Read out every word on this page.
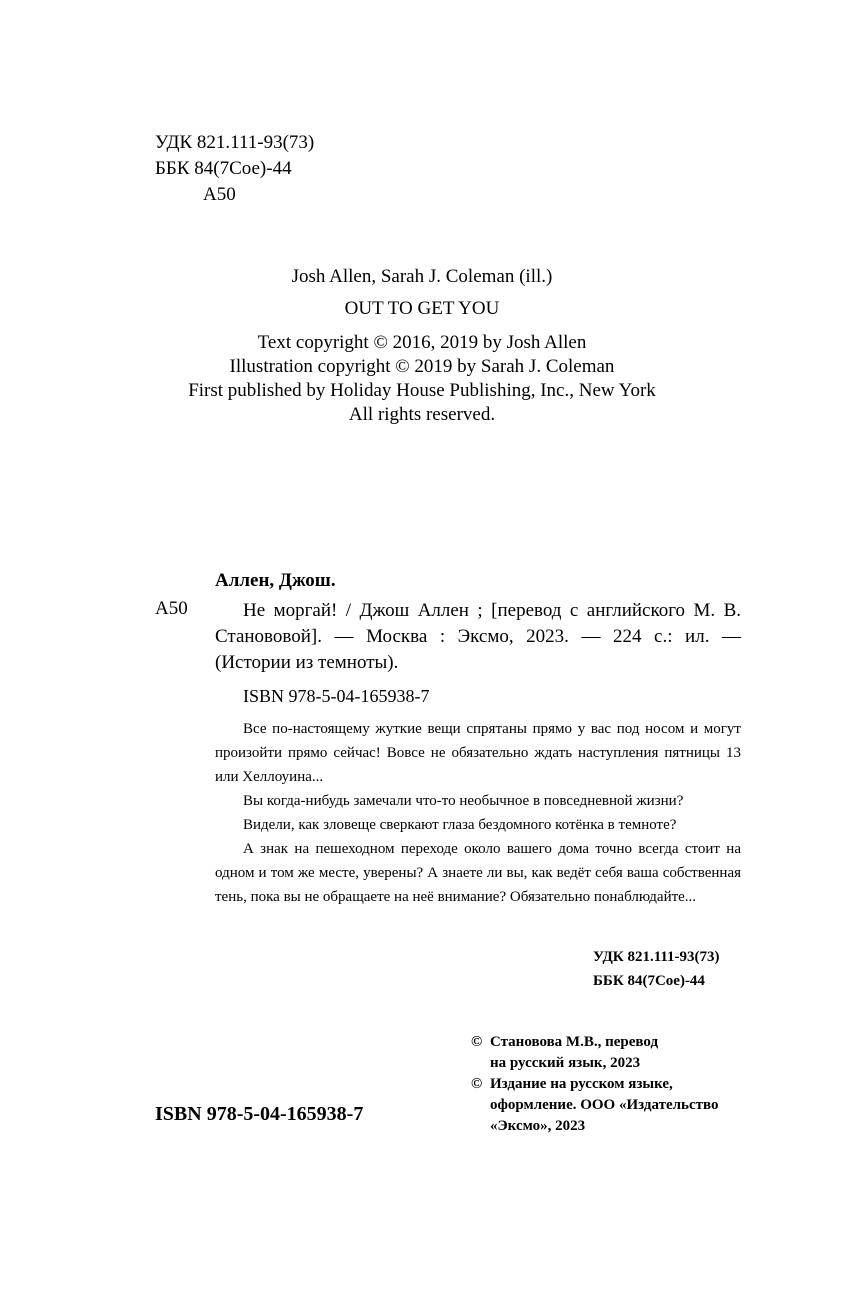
УДК 821.111-93(73)
ББК 84(7Сое)-44
А50
Josh Allen, Sarah J. Coleman (ill.)
OUT TO GET YOU
Text copyright © 2016, 2019 by Josh Allen
Illustration copyright © 2019 by Sarah J. Coleman
First published by Holiday House Publishing, Inc., New York
All rights reserved.
Аллен, Джош.
А50	Не моргай! / Джош Аллен ; [перевод с английского М. В. Станововой]. — Москва : Эксмо, 2023. — 224 с.: ил. — (Истории из темноты).
ISBN 978-5-04-165938-7

Все по-настоящему жуткие вещи спрятаны прямо у вас под носом и могут произойти прямо сейчас! Вовсе не обязательно ждать наступления пятницы 13 или Хеллоуина...

Вы когда-нибудь замечали что-то необычное в повседневной жизни?

Видели, как зловеще сверкают глаза бездомного котёнка в темноте?

А знак на пешеходном переходе около вашего дома точно всегда стоит на одном и том же месте, уверены? А знаете ли вы, как ведёт себя ваша собственная тень, пока вы не обращаете на неё внимание? Обязательно понаблюдайте...

УДК 821.111-93(73)
ББК 84(7Сое)-44
© Становова М.В., перевод
на русский язык, 2023
© Издание на русском языке,
оформление. ООО «Издательство
«Эксмо», 2023
ISBN 978-5-04-165938-7
